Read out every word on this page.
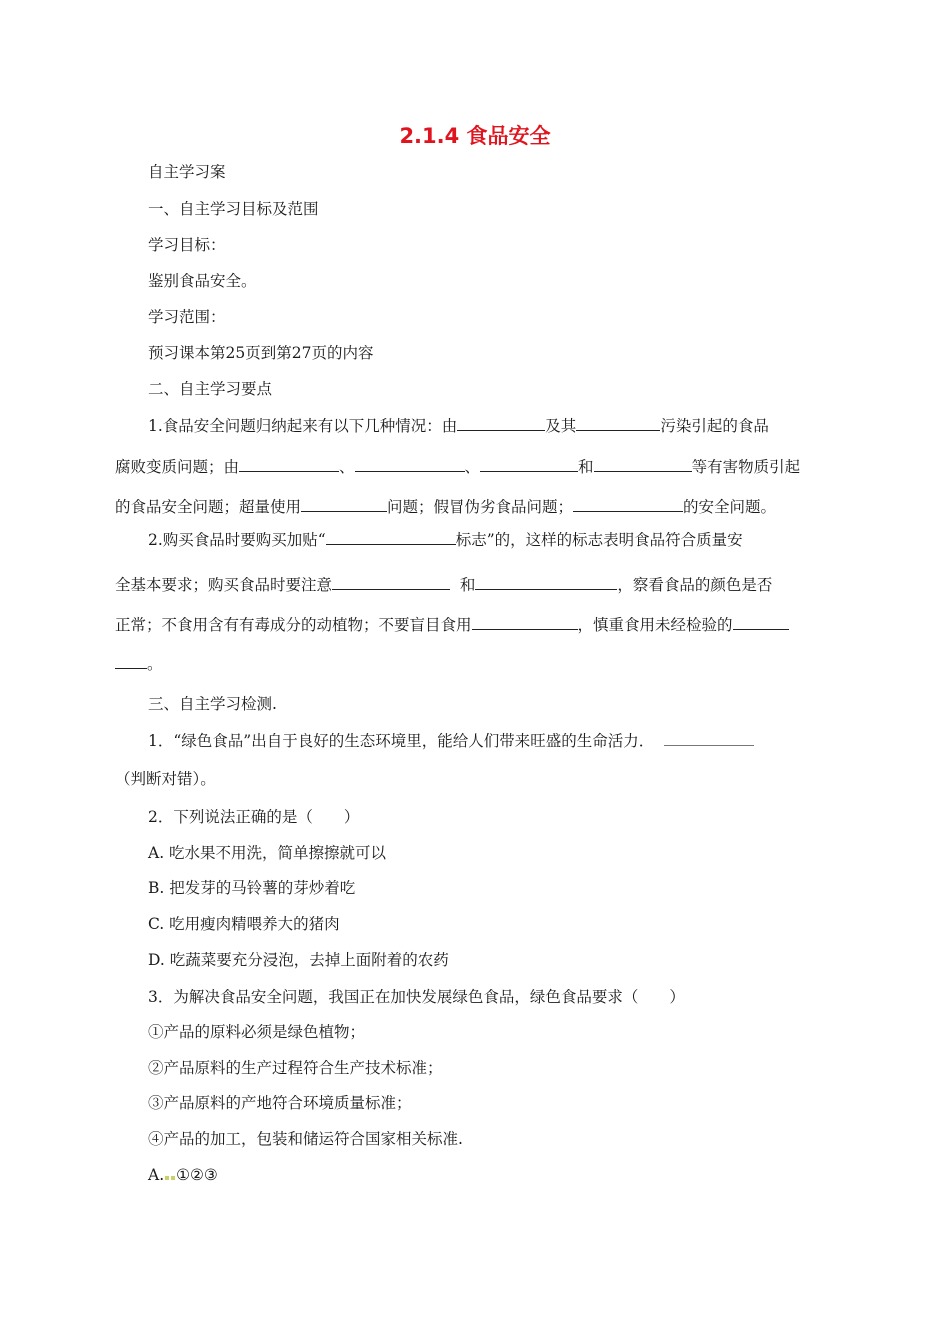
2.1.4 食品安全
自主学习案
一、自主学习目标及范围
学习目标：
鉴别食品安全。
学习范围：
预习课本第25页到第27页的内容
二、自主学习要点
1.食品安全问题归纳起来有以下几种情况：由	及其	污染引起的食品
腐败变质问题；由	、	、	和	等有害物质引起
的食品安全问题；超量使用	问题；假冒伪劣食品问题；	的安全问题。
2.购买食品时要购买加贴“	标志”的，这样的标志表明食品符合质量安
全基本要求；购买食品时要注意	和	，察看食品的颜色是否
正常；不食用含有有毒成分的动植物；不要盲目食用	，慎重食用未经检验的
。
三、自主学习检测.
1．“绿色食品”出自于良好的生态环境里，能给人们带来旺盛的生命活力．
（判断对错）。
2．下列说法正确的是（　　）
A. 吃水果不用洗，简单擦擦就可以
B. 把发芽的马铃薯的芽炒着吃
C. 吃用瘦肉精喂养大的猪肉
D. 吃蔬菜要充分浸泡，去掉上面附着的农药
3．为解决食品安全问题，我国正在加快发展绿色食品，绿色食品要求（　　）
①产品的原料必须是绿色植物；
②产品原料的生产过程符合生产技术标准；
③产品原料的产地符合环境质量标准；
④产品的加工，包装和储运符合国家相关标准.
A. ①②③
